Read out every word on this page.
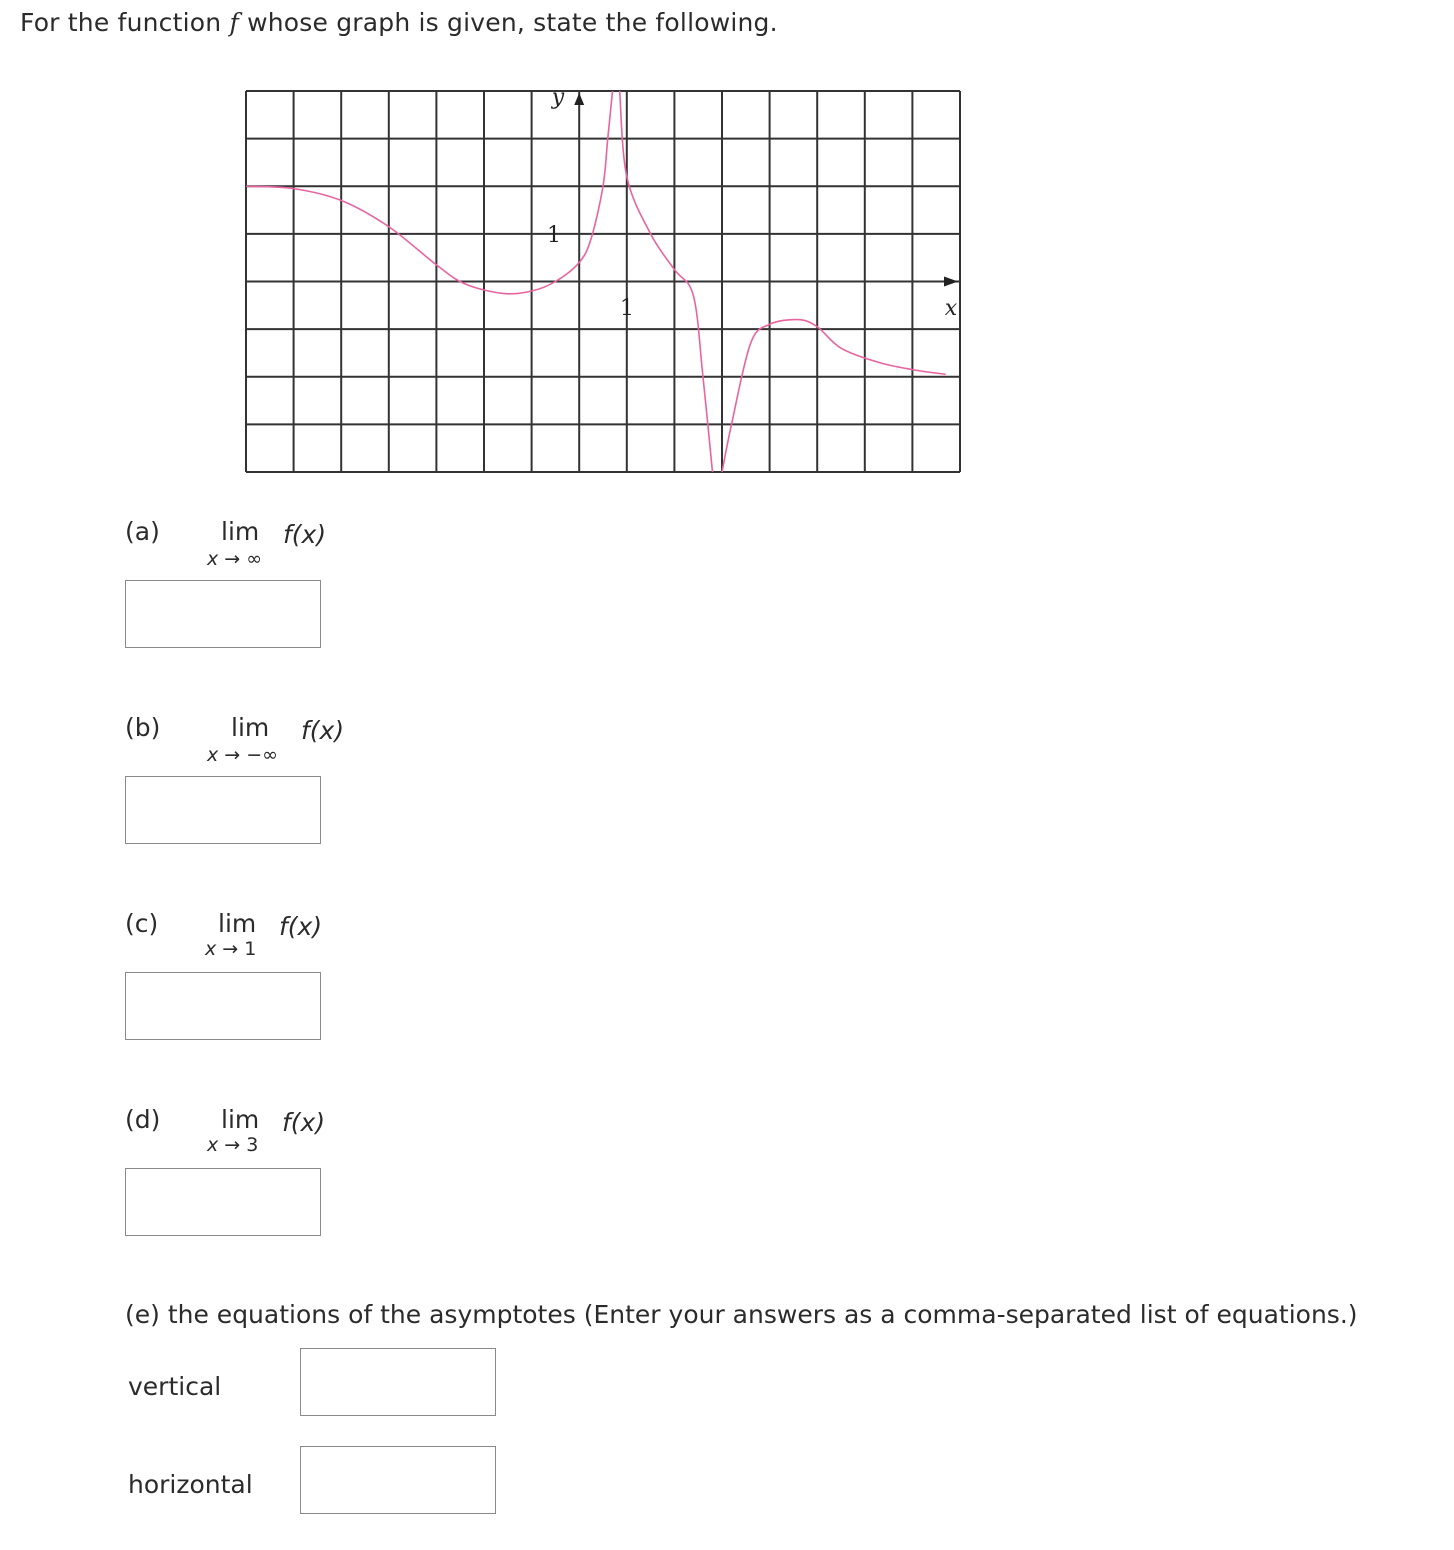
For the function f whose graph is given, state the following.
1
1	x
y
(a) lim
x → ∞
f(x)
(b)	lim
x → −∞
f(x)
(c) lim
x → 1
f(x)
(d) lim
x → 3
f(x)
(e) the equations of the asymptotes (Enter your answers as a comma-separated list of equations.)
vertical
horizontal
